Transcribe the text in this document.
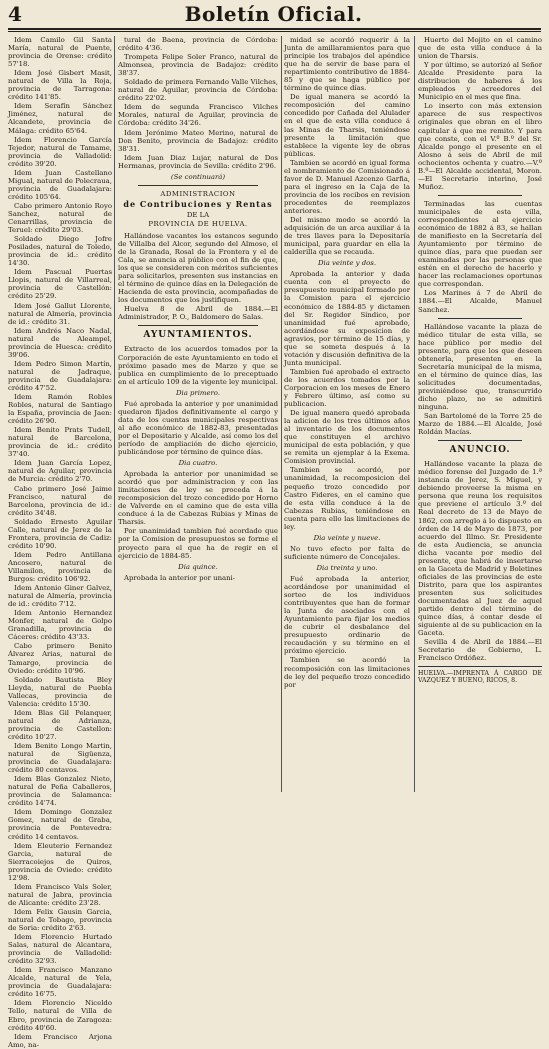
4	Boletín Oficial.

Idem Camilo Gil Santa María, natural de Puente, provincia de Orense: crédito 57'18.

Idem José Gisbert Masit, natural de Villa la Roja, provincia de Tarragona: crédito 141'85.

Idem Serafín Sánchez Jiménez, natural de Alcandete, provincia de Málaga: crédito 65'64.

Idem Florencio García Tejedor, natural de Tamame, provincia de Valladolid: crédito 39'20.

Idem Juan Castellano Migual, natural de Polecraua, provincia de Guadalajara: crédito 105'64.

Cabo primero Antonio Royo Sanchez, natural de Cenarrillas, provincia de Teruel: crédito 29'03.

Soldado Diego Jofre Posilades, natural de Toledo, provincia de id.: crédito 14'30.

Idem Pascual Puertas Llopis, natural de Villarreal, provincia de Castellón: crédito 25'29.

Idem José Gallut Llorente, natural de Almería, provincia de id.: crédito 31.

Idem Andrés Naco Nadal, natural de Aleampel, provincia de Huesca: crédito 39'06.

Idem Pedro Simon Martín, natural de Jadraque, provincia de Guadalajara: crédito 47'52.

Idem Ramón Robles Robles, natural de Santiago la España, provincia de Jaen: crédito 26'90.

Idem Benito Prats Tudell, natural de Barcelona, provincia de id.: crédito 37'40.

Idem Juan García Lopez, natural de Aguilar, provincia de Murcia: crédito 2'70.

Cabo primero José Jaime Francisco, natural de Barcelona, provincia de id.: crédito 34'48.

Soldado Ernesto Aguilar Calle, natural de Jerez de la Frontera, provincia de Cadiz: crédito 10'90.

Idem Pedro Antillana Ancosero, natural de Villamilon, provincia de Burgos: crédito 106'92.

Idem Antonio Giner Galvez, natural de Almería, provincia de id.: crédito 7'12.

Idem Antonio Hernandez Monfer, natural de Golpo Granadilla, provincia de Cáceres: crédito 43'33.

Cabo primero Benito Álvarez Arias, natural de Tamargo, provincia de Oviedo: crédito 10'96.

Soldado Bautista Bley Lleyda, natural de Puebla Vallecas, provincia de Valencia: crédito 15'30.

Idem Blas Gil Pelanquer, natural de Adrianza, provincia de Castellon: crédito 10'27.

Idem Benito Longo Martin, natural de Sigüenza, provincia de Guadalajara: crédito 80 centavos.

Idem Blas Gonzalez Nieto, natural de Peña Caballeros, provincia de Salamanca: crédito 14'74.

Idem Domingo Gonzalez Gomez, natural de Graba, provincia de Pontevedra: crédito 14 centavos.

Idem Eleuterio Fernandez Garcia, natural de Sierracoiejos de Quiros, provincia de Oviedo: crédito 12'98.

Idem Francisco Vals Soler, natural de Jabra, provincia de Alicante: crédito 23'28.

Idem Felix Gausin Garcia, natural de Tobago, provincia de Soria: crédito 2'63.

Idem Florencio Hurtado Salas, natural de Alcantara, provincia de Valladolid: crédito 32'93.

Idem Francisco Manzano Alcalde, natural de Yela, provincia de Guadalajara: crédito 16'75.

Idem Florencio Niceldo Tello, natural de Villa de Ebro, provincia de Zaragoza: crédito 40'60.

Idem Francisco Arjona Amo, na-

tural de Baena, provincia de Córdoba: crédito 4'36.

Trompeta Felipe Soler Franco, natural de Almonsea, provincia de Badajoz: crédito 38'37.

Soldado de primera Fernando Valle Vilches, natural de Aguilar, provincia de Córdoba: crédito 22'02.

Idem de segunda Francisco Vilches Morales, natural de Aguilar, provincia de Córdoba: crédito 34'26.

Idem Jerónimo Mateo Merino, natural de Don Benito, provincia de Badajoz: crédito 38'31.

Idem Juan Diaz Lujar, natural de Dos Hermanas, provincia de Sevilla: crédito 2'96.

(Se continuará)

ADMINISTRACION

de Contribuciones y Rentas

DE LA

PROVINCIA DE HUELVA.

Hallándose vacantes los estancos segundo de Villalba del Alcor, segundo del Almoso, el de la Granada, Rosal de la Frontera y el de Cala, se anuncia al público con el fin de que, los que se consideren con méritos suficientes para solicitarlos, presenten sus instancias en el término de quince días en la Delegación de Hacienda de esta provincia, acompañadas de los documentos que los justifiquen.

Huelva 8 de Abril de 1884.—El Administrador, P. O., Baldomero de Salas.

AYUNTAMIENTOS.

Extracto de los acuerdos tomados por la Corporación de este Ayuntamiento en todo el próximo pasado mes de Marzo y que se publica en cumplimiento de lo preceptuado en el artículo 109 de la vigente ley municipal.

Dia primero.

Fué aprobada la anterior y por unanimidad quedaron fijados definitivamente el cargo y data de los cuentas municipales respectivas al año económico de 1882-83, presentadas por el Depositario y Alcalde, así como los del período de ampliación de dicho ejercicio, publicándose por término de quince días.

Dia cuatro.

Aprobada la anterior por unanimidad se acordó que por administracion y con las limitaciones de ley se proceda á la recomposicion del trozo concedido por Horno de Valverde en el camino que de esta villa conduce á la de Cabezas Rubias y Minas de Tharsis.

Por unanimidad tambien fué acordado que por la Comision de presupuestos se forme el proyecto para el que ha de regir en el ejercicio de 1884-85.

Dia quince.

Aprobada la anterior por unani-

midad se acordó requerir á la Junta de amillaramientos para que principie los trabajos del apéndice que ha de servir de base para el repartimiento contributivo de 1884-85 y que se haga público por término de quince días.

De igual manera se acordó la recomposición del camino concedido por Cañada del Alulader en el que de esta villa conduce á las Minas de Tharsis, teniéndose presente la limitación que establece la vigente ley de obras públicas.

Tambien se acordó en igual forma el nombramiento de Comisionado á favor de D. Manuel Azcenzo Garfia, para el ingreso en la Caja de la provincia de los recibos en revision procedentes de reemplazos anteriores.

Del mismo modo se acordó la adquisición de un arca auxiliar á la de tres llaves para la Depositaría municipal, para guardar en ella la calderilla que se recauda.

Dia veinte y dos.

Aprobada la anterior y dada cuenta con el proyecto de presupuesto municipal formado por la Comision para el ejercicio económico de 1884-85 y dictamen del Sr. Regidor Síndico, por unanimidad fué aprobado, acordándose su exposicion de agravios, por término de 15 días, y que se someta después á la votación y discusión definitiva de la Junta municipal.

Tambien fué aprobado el extracto de los acuerdos tomados por la Corporacion en los meses de Enero y Febrero último, así como su publicacion.

De igual manera quedó aprobada la adicion de los tres últimos años al inventario de los documentos que constituyen el archivo municipal de esta población, y que se remita un ejemplar á la Exema. Comision provincial.

Tambien se acordó, por unanimidad, la recomposicion del pequeño trozo concedido por Castro Fideres, en el camino que de esta villa conduce á la de Cabezas Rubias, teniéndose en cuenta para ello las limitaciones de ley.

Dia veinte y nueve.

No tuvo efecto por falta de suficiente número de Concejales.

Dia treinta y uno.

Fué aprobada la anterior, acordándose por unanimidad el sorteo de los individuos contribuyentes que han de formar la Junta de asociados con el Ayuntamiento para fijar los medios de cubrir el desbalance del presupuesto ordinario de recaudación y su término en el próximo ejercicio.

Tambien se acordó la recomposición con las limitaciones de ley del pequeño trozo concedido por

Huerto del Mojito en el camino que de esta villa conduce á la union de Tharsis.

Y por último, se autorizó al Señor Alcalde Presidente para la distribucion de haberes á los empleados y acreedores del Municipio en el mes que fina.

Lo inserto con más extension aparece de sus respectivos originales que obran en el libro capitular á que me remito. Y para que conste, con el V.º B.º del Sr. Alcalde pongo el presente en el Alosno á seis de Abril de mil ochocientos ochenta y cuatro.—V.º B.º—El Alcalde accidental, Moron.—El Secretario interino, José Muñoz.

Terminadas las cuentas municipales de esta villa, correspondientes al ejercicio económico de 1882 á 83, se hallan de manifiesto en la Secretaría del Ayuntamiento por término de quince días, para que puedan ser examinadas por las personas que estén en el derecho de hacerlo y hacer las reclamaciones oportunas que correspondan.

Los Marines á 7 de Abril de 1884.—El Alcalde, Manuel Sanchez.

Hallándose vacante la plaza de médico titular de esta villa, se hace público por medio del presente, para que los que deseen obtenerla, presenten en la Secretaría municipal de la misma, en el término de quince días, las solicitudes documentadas, previniéndose que, transcurrido dicho plazo, no se admitirá ninguna.

San Bartolomé de la Torre 25 de Marzo de 1884.—El Alcalde, José Roldán Macías.

ANUNCIO.

Hallándose vacante la plaza de médico forense del Juzgado de 1.ª instancia de Jerez, S. Miguel, y debiendo proveerse la misma en persona que reuna los requisitos que previene el artículo 3.º del Real decreto de 13 de Mayo de 1862, con arreglo á lo dispuesto en órden de 14 de Mayo de 1873, por acuerdo del Illmo. Sr. Presidente de esta Audiencia, se anuncia dicha vacante por medio del presente, que habrá de insertarse en la Gaceta de Madrid y Boletines oficiales de las provincias de este Distrito, para que los aspirantes presenten sus solicitudes documentadas al Juez de aquel partido dentro del término de quince días, á contar desde el siguiente al de su publicacion en la Gaceta.

Sevilla 4 de Abril de 1884.—El Secretario de Gobierno, L. Francisco Ordóñez.

HUELVA.—IMPRENTA Á CARGO DE VAZQUEZ Y BUENO, RICOS, 8.
